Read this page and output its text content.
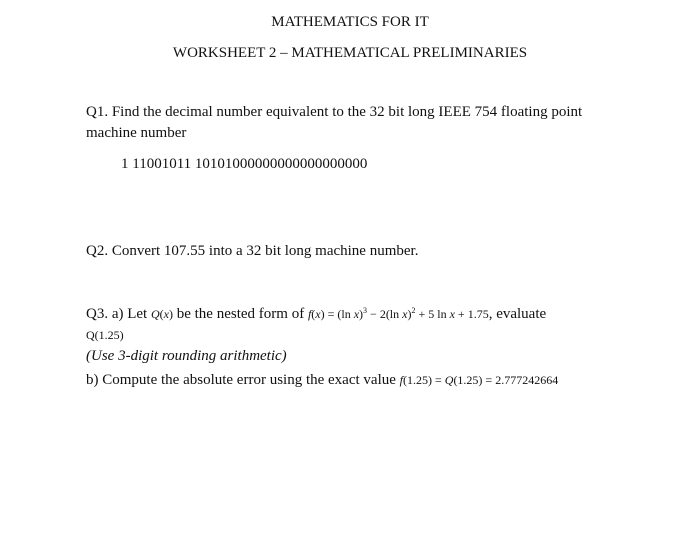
MATHEMATICS FOR IT
WORKSHEET 2 – MATHEMATICAL PRELIMINARIES
Q1. Find the decimal number equivalent to the 32 bit long IEEE 754 floating point
machine number
1 11001011 10101000000000000000000
Q2. Convert 107.55 into a 32 bit long machine number.
Q3. a) Let Q(x) be the nested form of f(x) = (ln x)$^3$ − 2(ln x)$^2$ + 5 ln x + 1.75, evaluate
Q(1.25)
(Use 3-digit rounding arithmetic)
b) Compute the absolute error using the exact value f(1.25) = Q(1.25) = 2.777242664
